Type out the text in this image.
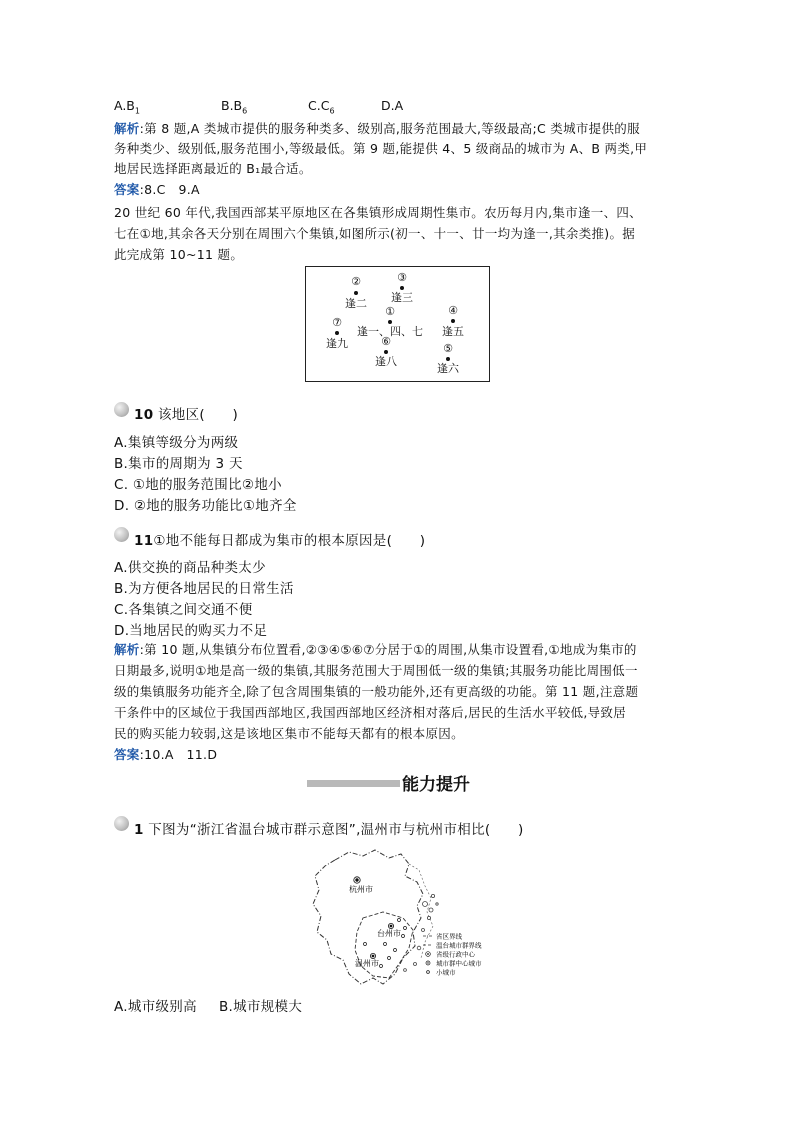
$A.B_1$	$B.B_6$	$C.C_6$	D.A
解析:第 8 题,A 类城市提供的服务种类多、级别高,服务范围最大,等级最高;C 类城市提供的服
务种类少、级别低,服务范围小,等级最低。第 9 题,能提供 4、5 级商品的城市为 A、B 两类,甲
地居民选择距离最近的 B₁最合适。
答案:8.C　9.A
20 世纪 60 年代,我国西部某平原地区在各集镇形成周期性集市。农历每月内,集市逢一、四、
七在①地,其余各天分别在周围六个集镇,如图所示(初一、十一、廿一均为逢一,其余类推)。据
此完成第 10~11 题。
②
逢二
③
逢三
①
逢一、四、七
④
逢五
⑦
逢九	⑥
逢八
⑤
逢六
10 该地区(　　)
A.集镇等级分为两级
B.集市的周期为 3 天
C. ①地的服务范围比②地小
D. ②地的服务功能比①地齐全
11①地不能每日都成为集市的根本原因是(　　)
A.供交换的商品种类太少
B.为方便各地居民的日常生活
C.各集镇之间交通不便
D.当地居民的购买力不足
解析:第 10 题,从集镇分布位置看,②③④⑤⑥⑦分居于①的周围,从集市设置看,①地成为集市的
日期最多,说明①地是高一级的集镇,其服务范围大于周围低一级的集镇;其服务功能比周围低一
级的集镇服务功能齐全,除了包含周围集镇的一般功能外,还有更高级的功能。第 11 题,注意题
干条件中的区域位于我国西部地区,我国西部地区经济相对落后,居民的生活水平较低,导致居
民的购买能力较弱,这是该地区集市不能每天都有的根本原因。
答案:10.A　11.D
能力提升
1 下图为“浙江省温台城市群示意图”,温州市与杭州市相比(　　)
杭州市
台州市
温州市
省区界线
温台城市群界线
省级行政中心
城市群中心城市
小城市
A.城市级别高 B.城市规模大
